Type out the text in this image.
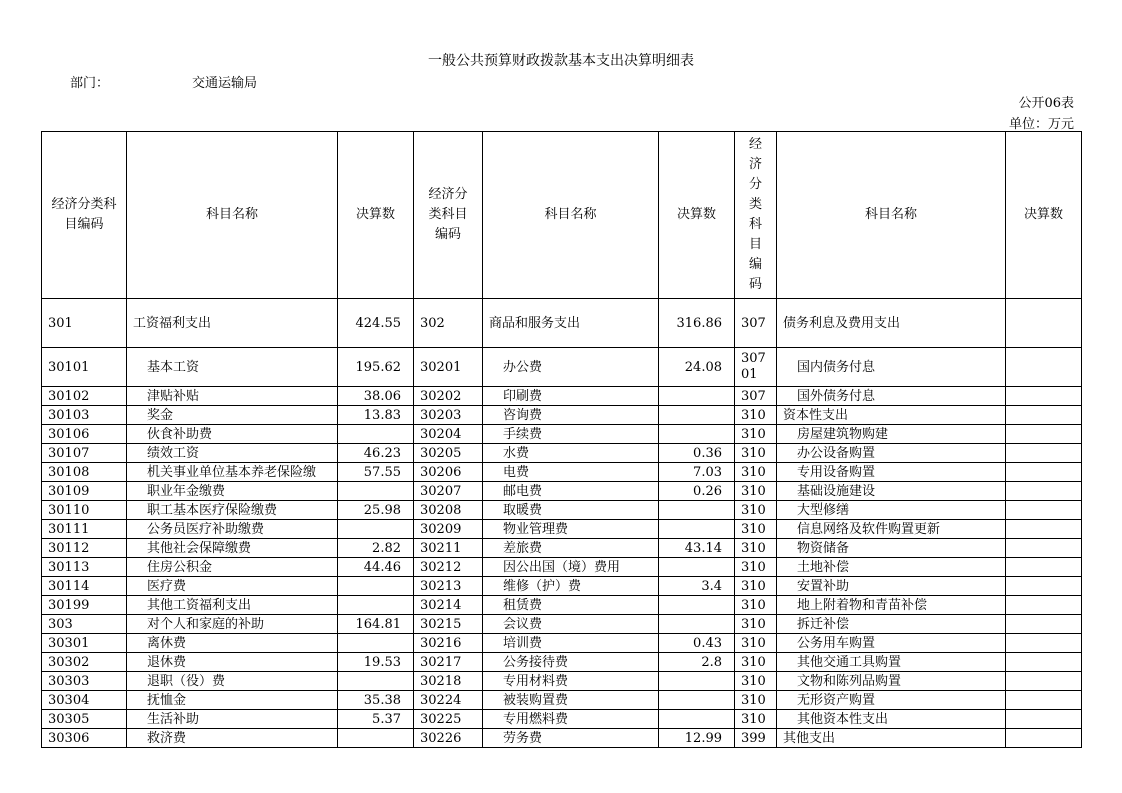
一般公共预算财政拨款基本支出决算明细表
部门：	交通运输局
公开06表
单位：万元
经济分类科目编码	科目名称	决算数	经济分类科目编码	科目名称	决算数	经济分类科目编码	科目名称	决算数
301	工资福利支出	424.55	302	商品和服务支出	316.86	307	债务利息及费用支出	
30101	基本工资	195.62	30201	办公费	24.08	30701	国内债务付息	
30102	津贴补贴	38.06	30202	印刷费		307	国外债务付息	
30103	奖金	13.83	30203	咨询费		310	资本性支出	
30106	伙食补助费		30204	手续费		310	房屋建筑物购建	
30107	绩效工资	46.23	30205	水费	0.36	310	办公设备购置	
30108	机关事业单位基本养老保险缴	57.55	30206	电费	7.03	310	专用设备购置	
30109	职业年金缴费		30207	邮电费	0.26	310	基础设施建设	
30110	职工基本医疗保险缴费	25.98	30208	取暖费		310	大型修缮	
30111	公务员医疗补助缴费		30209	物业管理费		310	信息网络及软件购置更新	
30112	其他社会保障缴费	2.82	30211	差旅费	43.14	310	物资储备	
30113	住房公积金	44.46	30212	因公出国（境）费用		310	土地补偿	
30114	医疗费		30213	维修（护）费	3.4	310	安置补助	
30199	其他工资福利支出		30214	租赁费		310	地上附着物和青苗补偿	
303	对个人和家庭的补助	164.81	30215	会议费		310	拆迁补偿	
30301	离休费		30216	培训费	0.43	310	公务用车购置	
30302	退休费	19.53	30217	公务接待费	2.8	310	其他交通工具购置	
30303	退职（役）费		30218	专用材料费		310	文物和陈列品购置	
30304	抚恤金	35.38	30224	被装购置费		310	无形资产购置	
30305	生活补助	5.37	30225	专用燃料费		310	其他资本性支出	
30306	救济费		30226	劳务费	12.99	399	其他支出	
